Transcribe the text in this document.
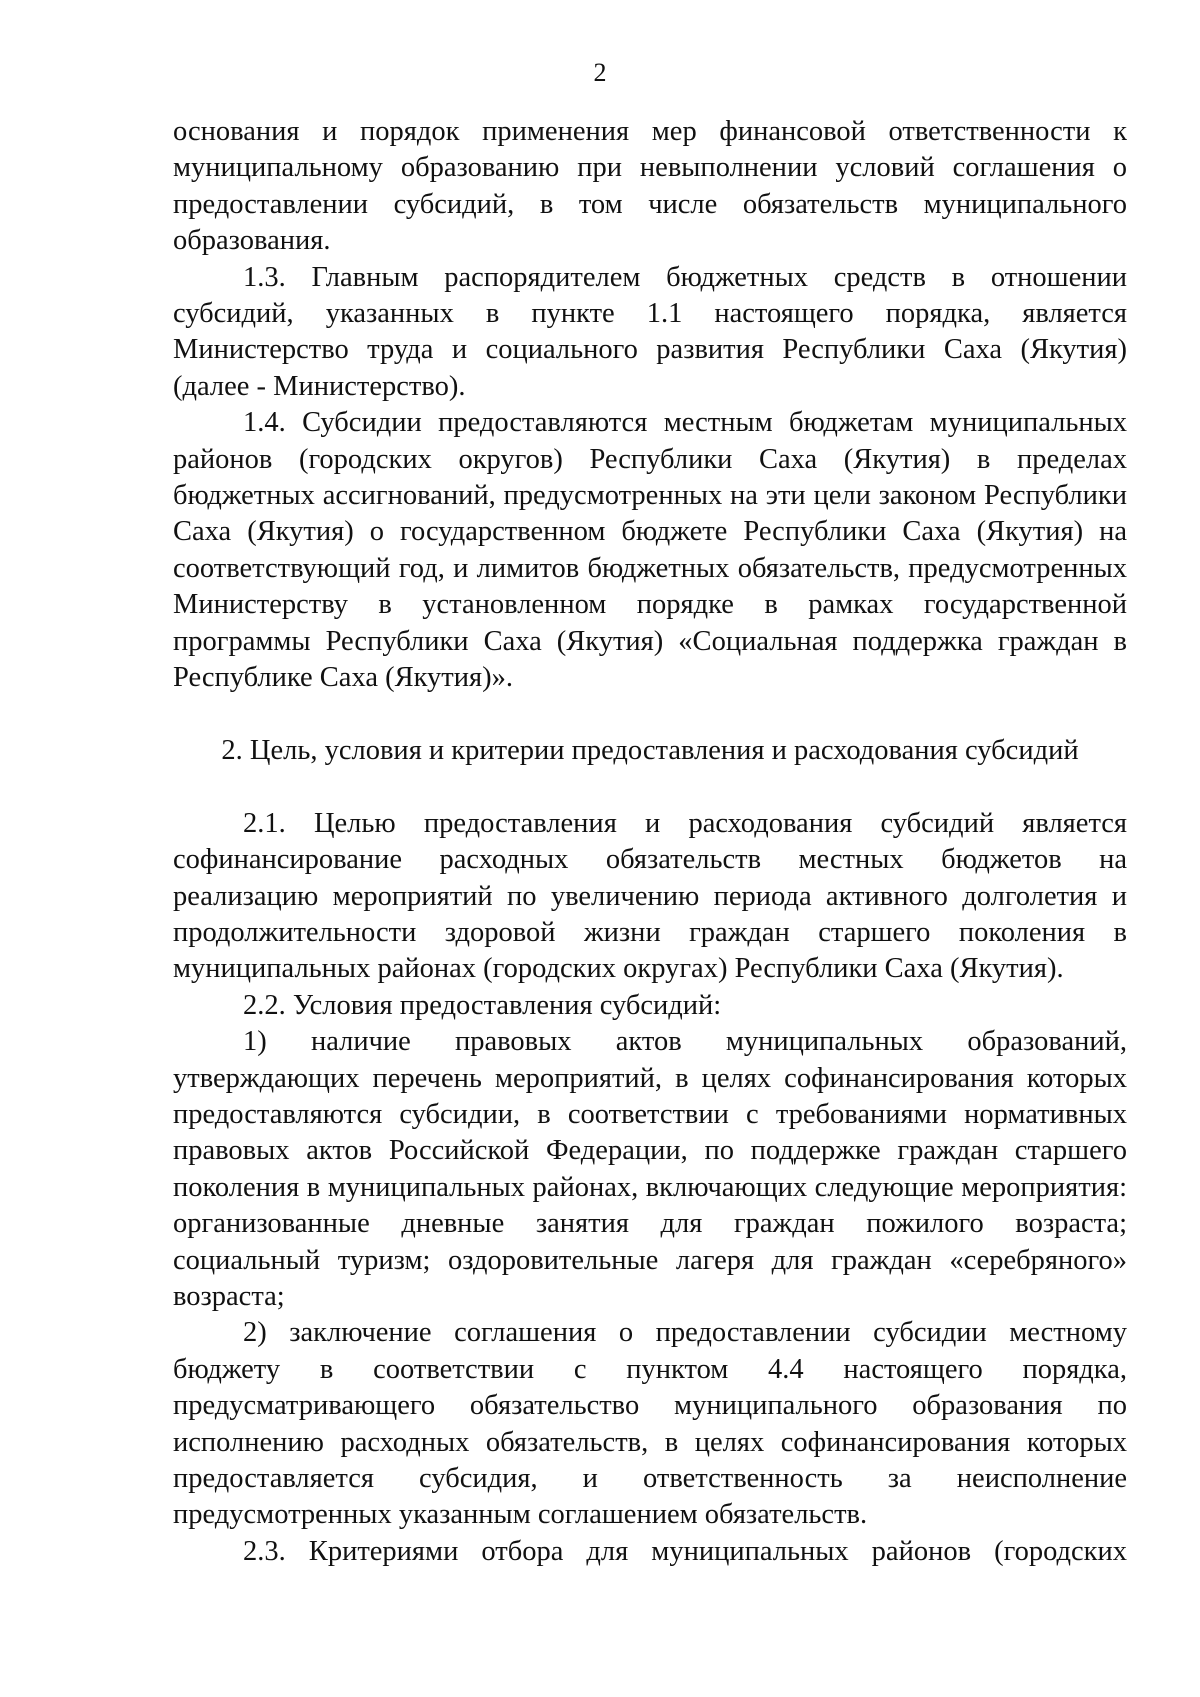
2

основания и порядок применения мер финансовой ответственности к муниципальному образованию при невыполнении условий соглашения о предоставлении субсидий, в том числе обязательств муниципального образования.

1.3. Главным распорядителем бюджетных средств в отношении субсидий, указанных в пункте 1.1 настоящего порядка, является Министерство труда и социального развития Республики Саха (Якутия) (далее - Министерство).

1.4. Субсидии предоставляются местным бюджетам муниципальных районов (городских округов) Республики Саха (Якутия) в пределах бюджетных ассигнований, предусмотренных на эти цели законом Республики Саха (Якутия) о государственном бюджете Республики Саха (Якутия) на соответствующий год, и лимитов бюджетных обязательств, предусмотренных Министерству в установленном порядке в рамках государственной программы Республики Саха (Якутия) «Социальная поддержка граждан в Республике Саха (Якутия)».

2. Цель, условия и критерии предоставления и расходования субсидий

2.1. Целью предоставления и расходования субсидий является софинансирование расходных обязательств местных бюджетов на реализацию мероприятий по увеличению периода активного долголетия и продолжительности здоровой жизни граждан старшего поколения в муниципальных районах (городских округах) Республики Саха (Якутия).

2.2. Условия предоставления субсидий:

1) наличие правовых актов муниципальных образований, утверждающих перечень мероприятий, в целях софинансирования которых предоставляются субсидии, в соответствии с требованиями нормативных правовых актов Российской Федерации, по поддержке граждан старшего поколения в муниципальных районах, включающих следующие мероприятия: организованные дневные занятия для граждан пожилого возраста; социальный туризм; оздоровительные лагеря для граждан «серебряного» возраста;

2) заключение соглашения о предоставлении субсидии местному бюджету в соответствии с пунктом 4.4 настоящего порядка, предусматривающего обязательство муниципального образования по исполнению расходных обязательств, в целях софинансирования которых предоставляется субсидия, и ответственность за неисполнение предусмотренных указанным соглашением обязательств.

2.3. Критериями отбора для муниципальных районов (городских
